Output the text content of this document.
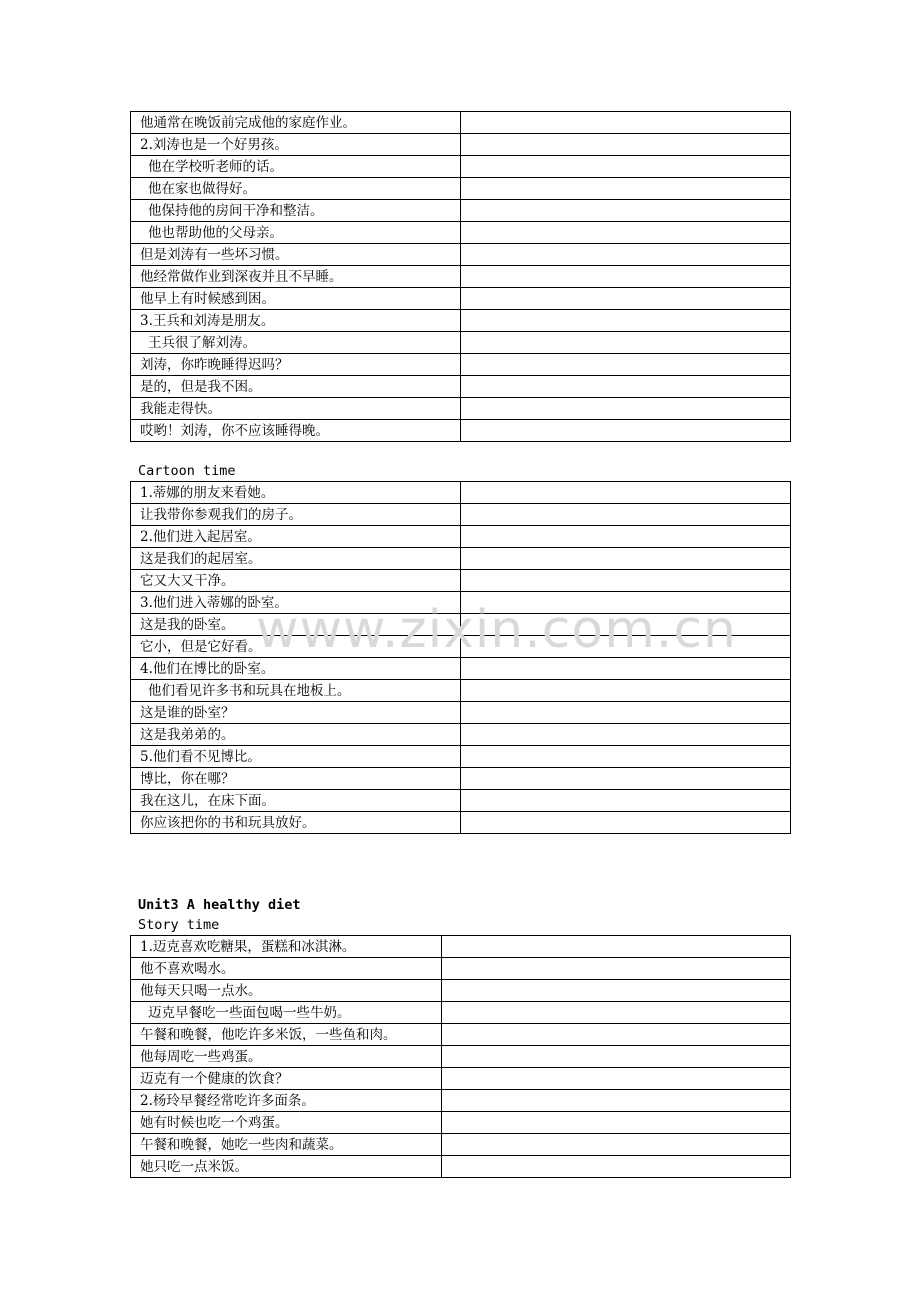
他通常在晚饭前完成他的家庭作业。	
2.刘涛也是一个好男孩。	
他在学校听老师的话。	
他在家也做得好。	
他保持他的房间干净和整洁。	
他也帮助他的父母亲。	
但是刘涛有一些坏习惯。	
他经常做作业到深夜并且不早睡。	
他早上有时候感到困。	
3.王兵和刘涛是朋友。	
王兵很了解刘涛。	
刘涛，你昨晚睡得迟吗？	
是的，但是我不困。	
我能走得快。	
哎哟！刘涛，你不应该睡得晚。	
Cartoon time
1.蒂娜的朋友来看她。	
让我带你参观我们的房子。	
2.他们进入起居室。	
这是我们的起居室。	
它又大又干净。	
3.他们进入蒂娜的卧室。	
这是我的卧室。	
它小，但是它好看。	
4.他们在博比的卧室。	
他们看见许多书和玩具在地板上。	
这是谁的卧室？	
这是我弟弟的。	
5.他们看不见博比。	
博比，你在哪？	
我在这儿，在床下面。	
你应该把你的书和玩具放好。	
Unit3 A healthy diet
Story time
1.迈克喜欢吃糖果，蛋糕和冰淇淋。	
他不喜欢喝水。	
他每天只喝一点水。	
迈克早餐吃一些面包喝一些牛奶。	
午餐和晚餐，他吃许多米饭，一些鱼和肉。	
他每周吃一些鸡蛋。	
迈克有一个健康的饮食？	
2.杨玲早餐经常吃许多面条。	
她有时候也吃一个鸡蛋。	
午餐和晚餐，她吃一些肉和蔬菜。	
她只吃一点米饭。	
www.zixin.com.cn
